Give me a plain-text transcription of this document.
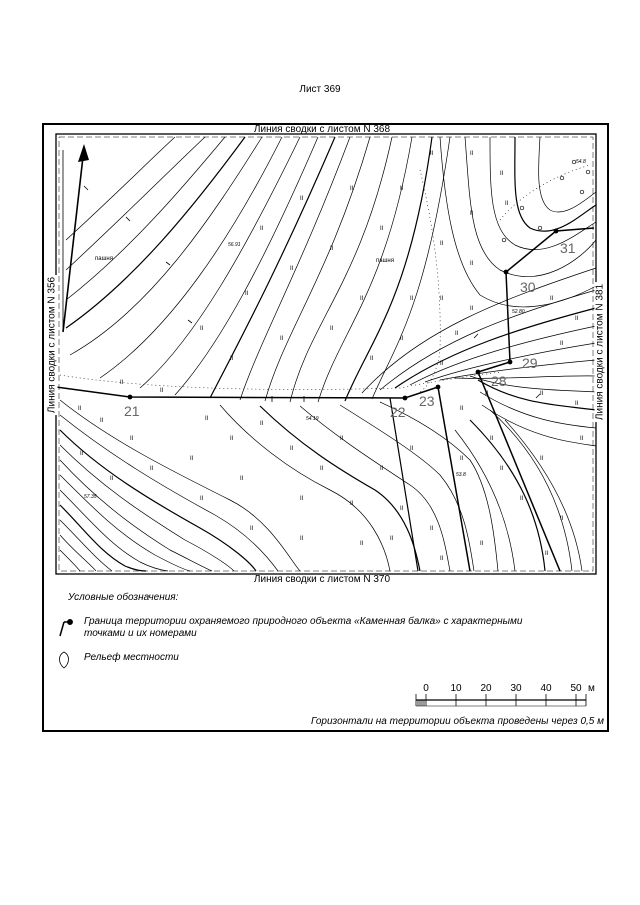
Лист 369
II
II
II
II
II
II
II
II
II
II
II
II
II
II
II
II
II
II
II
II
II
II
II
II
II
II
II
II
II
II
II
II
II
II
II
II
II
II
II
II
II
II
II
II
II
II
II
II
II
II
II
II
II
II
II
II
II
II
II
II
II
II
II
II
II
II
II
II
II
II
II
пашня	пашня
56.91
54.8
52.80
54.19
53.8
57.35
21	22
23
28
29
30
31
Линия сводки с листом N 368
Линия сводки с листом N 370
Линия сводки с листом N 356	Линия сводки с листом N 381
Условные обозначения:
Граница территории охраняемого природного объекта «Каменная балка» с характерными точками и их номерами
Рельеф местности
0 10 20 30 40 50 м
Горизонтали на территории объекта проведены через 0,5 м
